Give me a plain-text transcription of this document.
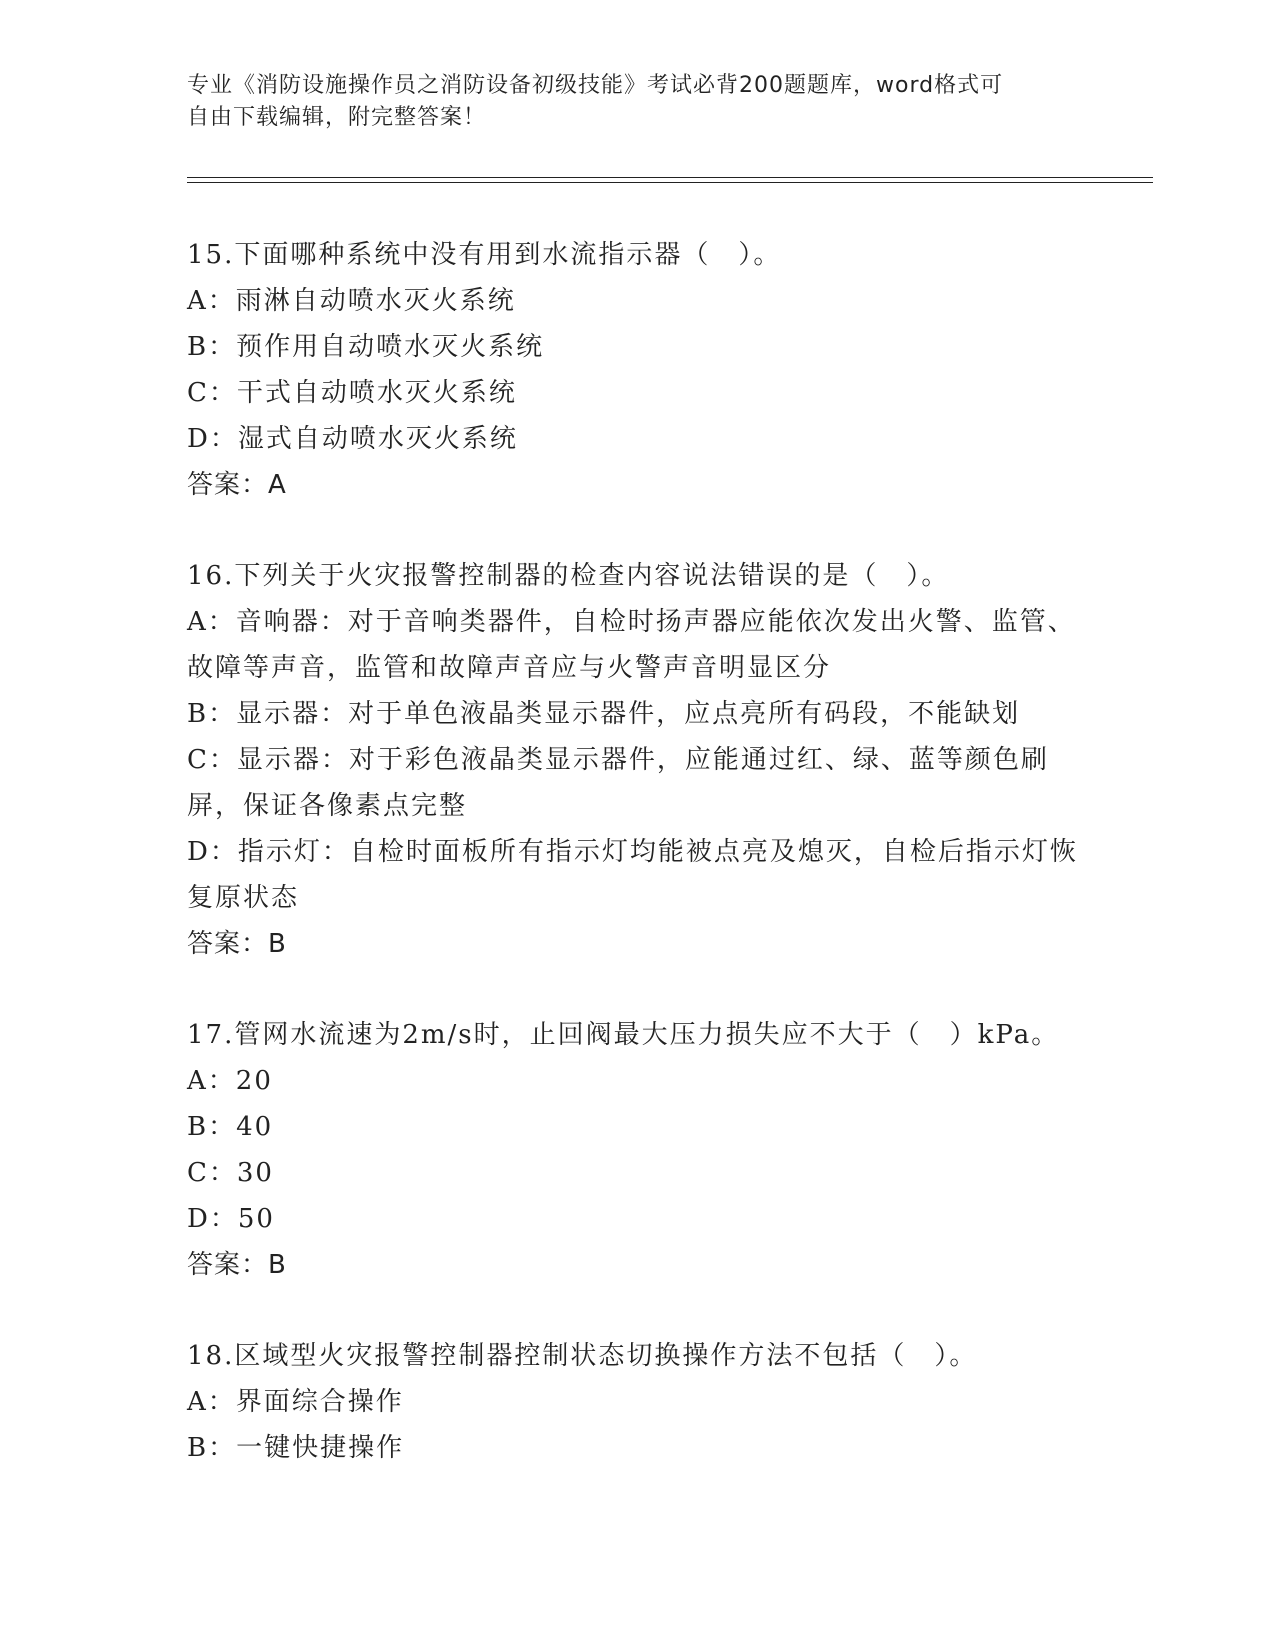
专业《消防设施操作员之消防设备初级技能》考试必背200题题库，word格式可
自由下载编辑，附完整答案！
15.下面哪种系统中没有用到水流指示器（　）。
A：雨淋自动喷水灭火系统
B：预作用自动喷水灭火系统
C：干式自动喷水灭火系统
D：湿式自动喷水灭火系统
答案：A
16.下列关于火灾报警控制器的检查内容说法错误的是（　）。
A：音响器：对于音响类器件，自检时扬声器应能依次发出火警、监管、故障等声音，监管和故障声音应与火警声音明显区分
B：显示器：对于单色液晶类显示器件，应点亮所有码段，不能缺划
C：显示器：对于彩色液晶类显示器件，应能通过红、绿、蓝等颜色刷屏，保证各像素点完整
D：指示灯：自检时面板所有指示灯均能被点亮及熄灭，自检后指示灯恢复原状态
答案：B
17.管网水流速为2m/s时，止回阀最大压力损失应不大于（　）kPa。
A：20
B：40
C：30
D：50
答案：B
18.区域型火灾报警控制器控制状态切换操作方法不包括（　）。
A：界面综合操作
B：一键快捷操作
